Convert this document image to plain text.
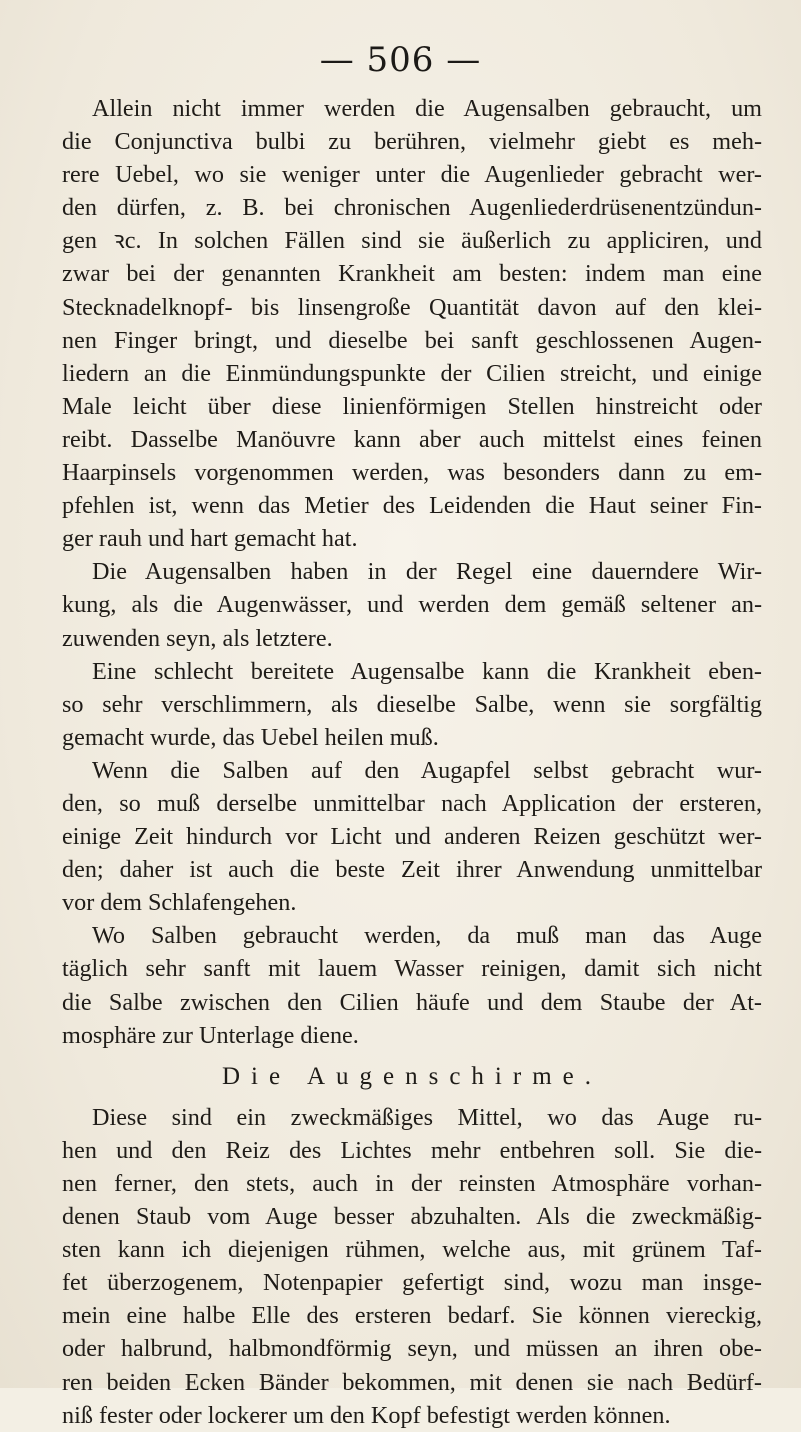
— 506 —
Allein nicht immer werden die Augensalben gebraucht, um
die Conjunctiva bulbi zu berühren, vielmehr giebt es meh-
rere Uebel, wo sie weniger unter die Augenlieder gebracht wer-
den dürfen, z. B. bei chronischen Augenliederdrüsenentzündun-
gen ꝛc. In solchen Fällen sind sie äußerlich zu appliciren, und
zwar bei der genannten Krankheit am besten: indem man eine
Stecknadelknopf- bis linsengroße Quantität davon auf den klei-
nen Finger bringt, und dieselbe bei sanft geschlossenen Augen-
liedern an die Einmündungspunkte der Cilien streicht, und einige
Male leicht über diese linienförmigen Stellen hinstreicht oder
reibt. Dasselbe Manöuvre kann aber auch mittelst eines feinen
Haarpinsels vorgenommen werden, was besonders dann zu em-
pfehlen ist, wenn das Metier des Leidenden die Haut seiner Fin-
ger rauh und hart gemacht hat.
Die Augensalben haben in der Regel eine dauerndere Wir-
kung, als die Augenwässer, und werden dem gemäß seltener an-
zuwenden seyn, als letztere.
Eine schlecht bereitete Augensalbe kann die Krankheit eben-
so sehr verschlimmern, als dieselbe Salbe, wenn sie sorgfältig
gemacht wurde, das Uebel heilen muß.
Wenn die Salben auf den Augapfel selbst gebracht wur-
den, so muß derselbe unmittelbar nach Application der ersteren,
einige Zeit hindurch vor Licht und anderen Reizen geschützt wer-
den; daher ist auch die beste Zeit ihrer Anwendung unmittelbar
vor dem Schlafengehen.
Wo Salben gebraucht werden, da muß man das Auge
täglich sehr sanft mit lauem Wasser reinigen, damit sich nicht
die Salbe zwischen den Cilien häufe und dem Staube der At-
mosphäre zur Unterlage diene.
Die Augenschirme.
Diese sind ein zweckmäßiges Mittel, wo das Auge ru-
hen und den Reiz des Lichtes mehr entbehren soll. Sie die-
nen ferner, den stets, auch in der reinsten Atmosphäre vorhan-
denen Staub vom Auge besser abzuhalten. Als die zweckmäßig-
sten kann ich diejenigen rühmen, welche aus, mit grünem Taf-
fet überzogenem, Notenpapier gefertigt sind, wozu man insge-
mein eine halbe Elle des ersteren bedarf. Sie können viereckig,
oder halbrund, halbmondförmig seyn, und müssen an ihren obe-
ren beiden Ecken Bänder bekommen, mit denen sie nach Bedürf-
niß fester oder lockerer um den Kopf befestigt werden können.
